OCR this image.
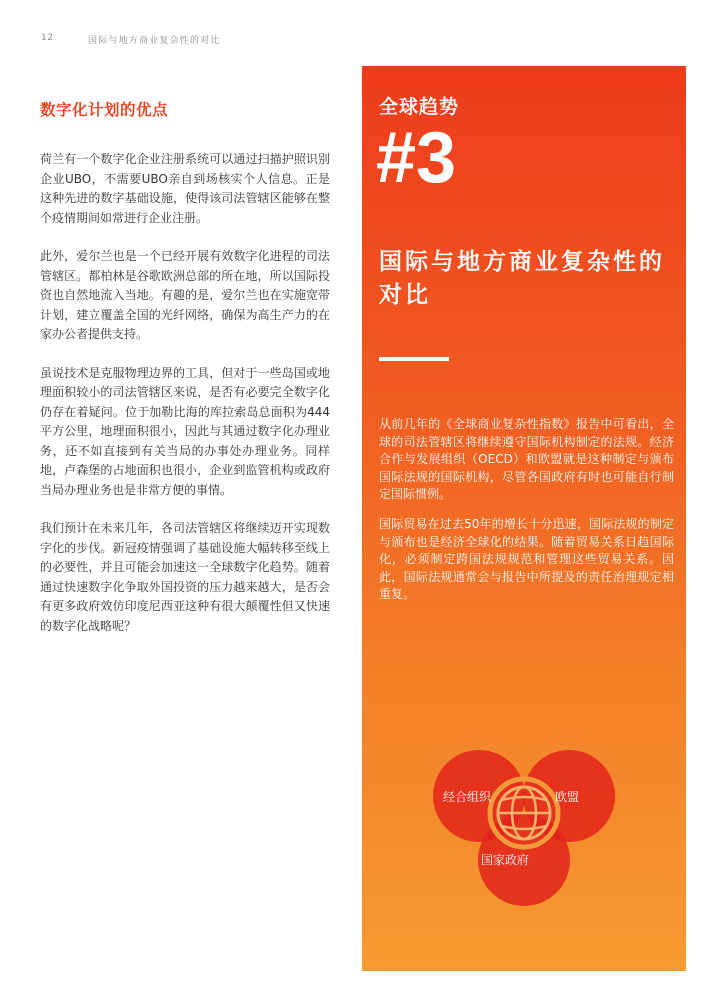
12	国际与地方商业复杂性的对比
数字化计划的优点

荷兰有一个数字化企业注册系统可以通过扫描护照识别企业UBO，不需要UBO亲自到场核实个人信息。正是这种先进的数字基础设施，使得该司法管辖区能够在整个疫情期间如常进行企业注册。

此外，爱尔兰也是一个已经开展有效数字化进程的司法管辖区。都柏林是谷歌欧洲总部的所在地，所以国际投资也自然地流入当地。有趣的是，爱尔兰也在实施宽带计划，建立覆盖全国的光纤网络，确保为高生产力的在家办公者提供支持。

虽说技术是克服物理边界的工具，但对于一些岛国或地理面积较小的司法管辖区来说，是否有必要完全数字化仍存在着疑问。位于加勒比海的库拉索岛总面积为444平方公里，地理面积很小，因此与其通过数字化办理业务，还不如直接到有关当局的办事处办理业务。同样地，卢森堡的占地面积也很小，企业到监管机构或政府当局办理业务也是非常方便的事情。

我们预计在未来几年，各司法管辖区将继续迈开实现数字化的步伐。新冠疫情强调了基础设施大幅转移至线上的必要性，并且可能会加速这一全球数字化趋势。随着通过快速数字化争取外国投资的压力越来越大，是否会有更多政府效仿印度尼西亚这种有很大颠覆性但又快速的数字化战略呢？

全球趋势
#3
国际与地方商业复杂性的对比

从前几年的《全球商业复杂性指数》报告中可看出，全球的司法管辖区将继续遵守国际机构制定的法规。经济合作与发展组织（OECD）和欧盟就是这种制定与颁布国际法规的国际机构，尽管各国政府有时也可能自行制定国际惯例。

国际贸易在过去50年的增长十分迅速，国际法规的制定与颁布也是经济全球化的结果。随着贸易关系日趋国际化，必须制定跨国法规规范和管理这些贸易关系。因此，国际法规通常会与报告中所提及的责任治理规定相重复。

经合组织	欧盟
国家政府
